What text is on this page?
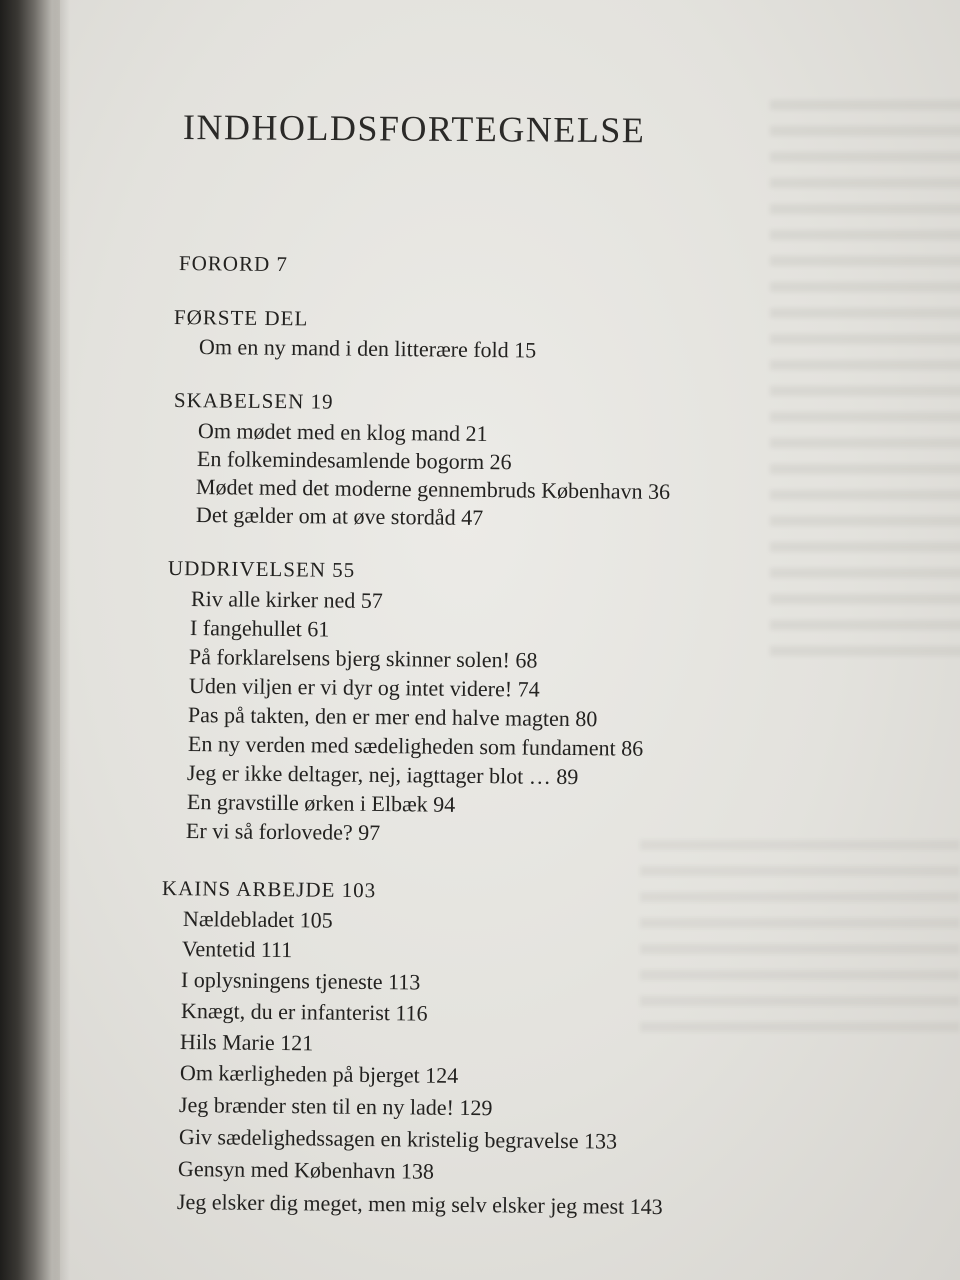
INDHOLDSFORTEGNELSE
FORORD 7
FØRSTE DEL
Om en ny mand i den litterære fold 15
SKABELSEN 19
Om mødet med en klog mand 21
En folkemindesamlende bogorm 26
Mødet med det moderne gennembruds København 36
Det gælder om at øve stordåd 47
UDDRIVELSEN 55
Riv alle kirker ned 57
I fangehullet 61
På forklarelsens bjerg skinner solen! 68
Uden viljen er vi dyr og intet videre! 74
Pas på takten, den er mer end halve magten 80
En ny verden med sædeligheden som fundament 86
Jeg er ikke deltager, nej, iagttager blot … 89
En gravstille ørken i Elbæk 94
Er vi så forlovede? 97
KAINS ARBEJDE 103
Nældebladet 105
Ventetid 111
I oplysningens tjeneste 113
Knægt, du er infanterist 116
Hils Marie 121
Om kærligheden på bjerget 124
Jeg brænder sten til en ny lade! 129
Giv sædelighedssagen en kristelig begravelse 133
Gensyn med København 138
Jeg elsker dig meget, men mig selv elsker jeg mest 143
